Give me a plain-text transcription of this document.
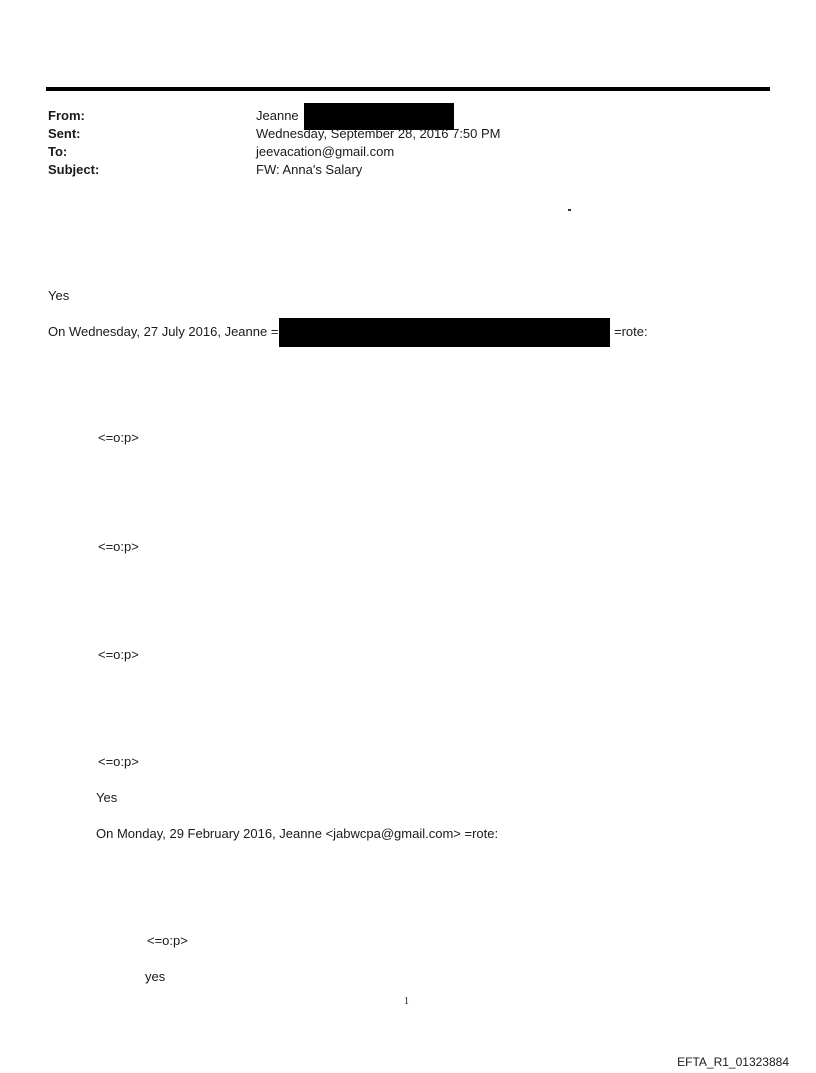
From:	Jeanne
Sent:	Wednesday, September 28, 2016 7:50 PM
To:	jeevacation@gmail.com
Subject:	FW: Anna's Salary
Yes
On Wednesday, 27 July 2016, Jeanne =	=rote:
<=o:p>
<=o:p>
<=o:p>
<=o:p>
Yes
On Monday, 29 February 2016, Jeanne <jabwcpa@gmail.com> =rote:
<=o:p>
yes
1
EFTA_R1_01323884
